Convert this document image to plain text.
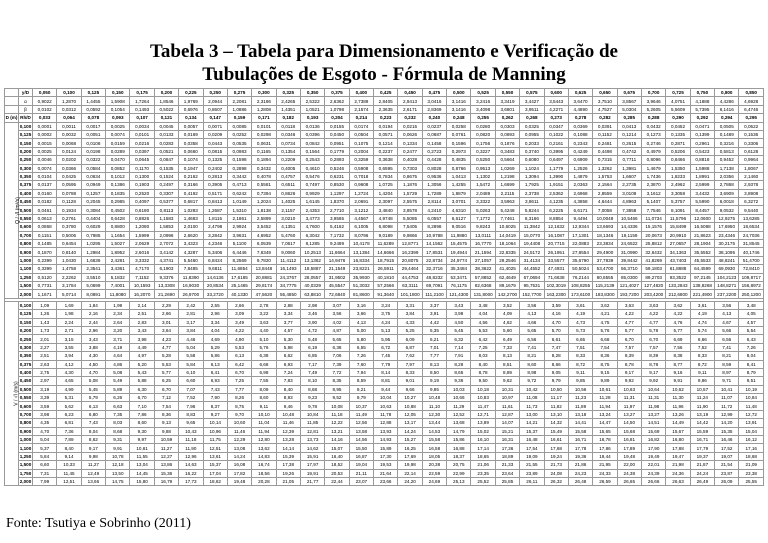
Tabela 3 – Tabela para Dimensionamento e Verificação de
Tubulações de Esgoto - Fórmula de Manning
	y/D	0,050	0,100	0,125	0,150	0,175	0,200	0,225	0,250	0,275	0,300	0,325	0,350	0,375	0,400	0,425	0,450	0,475	0,500	0,525	0,550	0,575	0,600	0,625	0,650	0,675	0,700	0,725	0,750	0,800	0,850
	α	0,9022	1,2870	1,4455	1,5908	1,7264	1,8546	1,9769	2,0944	2,2081	2,3186	2,4265	2,5322	2,6362	2,7389	2,8405	2,9413	3,0416	3,1416	3,2416	3,3419	3,4427	3,5443	3,6470	3,7510	3,8567	3,9646	4,0751	4,1888	4,4286	4,6928
	β	0,0102	0,0312	0,0592	0,1054	0,1493	0,5022	0,6976	0,8607	1,0886	1,2808	1,4351	1,0521	1,0798	2,1574	2,3635	2,6171	2,8369	3,1416	3,4098	3,6801	3,9511	4,2271	4,4890	4,7527	5,0304	5,2605	5,5609	5,7395	6,1416	6,4746
D (m)	Rh/D	0,033	0,064	0,078	0,093	0,107	0,121	0,134	0,147	0,159	0,171	0,182	0,193	0,204	0,214	0,223	0,232	0,240	0,248	0,255	0,262	0,268	0,273	0,278	0,282	0,285	0,288	0,290	0,292	0,294	0,295
Q / √I (m³/s)	0,100	0,0001	0,0011	0,0017	0,0025	0,0034	0,0045	0,0057	0,0071	0,0085	0,0101	0,0118	0,0136	0,0155	0,0174	0,0194	0,0215	0,0237	0,0258	0,0280	0,0303	0,0325	0,0347	0,0369	0,0391	0,0413	0,0432	0,0452	0,0471	0,0505	0,0522
	0,125	0,0002	0,0032	0,0051	0,0074	0,0101	0,0133	0,0169	0,0209	0,0252	0,0298	0,0346	0,0396	0,0450	0,0504	0,0571	0,0626	0,0687	0,0761	0,0820	0,0893	0,0955	0,1022	0,1088	0,1152	0,1214	0,1273	0,1335	0,1399	0,1489	0,1536
	0,150	0,0015	0,0068	0,0108	0,0159	0,0216	0,0283	0,0358	0,0443	0,0535	0,0631	0,0734	0,0842	0,0951	0,1075	0,1214	0,1334	0,1458	0,1596	0,1756	0,1876	0,2033	0,2161	0,2343	0,2481	0,2615	0,2746	0,2871	0,2961	0,3216	0,3306
	0,200	0,0025	0,0124	0,0198	0,0289	0,0397	0,0521	0,0660	0,0815	0,0983	0,1165	0,1354	0,1564	0,1779	0,2004	0,2237	0,2477	0,2723	0,2973	0,3227	0,3483	0,3740	0,3995	0,4249	0,4498	0,4742	0,4979	0,5206	0,5423	0,5813	0,6128
	0,250	0,0046	0,0202	0,0322	0,0470	0,0645	0,0847	0,1074	0,1325	0,1598	0,1894	0,2209	0,2543	0,2893	0,3259	0,3638	0,4028	0,4428	0,4835	0,5250	0,5664	0,6080	0,6497	0,6909	0,7315	0,7711	0,8096	0,8466	0,8818	0,9452	0,9964
	0,300	0,0074	0,0366	0,0584	0,0852	0,1170	0,1535	0,1947	0,2402	0,2898	0,3432	0,4005	0,4610	0,5246	0,5908	0,6595	0,7303	0,8028	0,8766	0,9513	1,0269	1,1024	1,1779	1,2526	1,3262	1,3981	1,4679	1,5350	1,5988	1,7138	1,8067
	0,350	0,0104	0,0425	0,0634	0,1012	0,1300	0,1524	0,2162	0,2813	0,3442	0,4078	0,4757	0,5476	0,6231	0,7018	0,7834	0,8675	0,9536	1,0413	1,1302	1,2198	1,3094	1,3990	1,4879	1,5753	1,6607	1,7436	1,8233	1,8991	2,0356	2,1460
	0,375	0,0137	0,0595	0,0949	0,1386	0,1903	0,2497	0,3166	0,3905	0,4713	0,5581	0,6511	0,7497	0,8530	0,9608	1,0725	1,1876	1,3056	1,4255	1,5472	1,6699	1,7925	1,9151	2,0363	2,1564	2,2735	2,3870	2,4962	2,5999	2,7868	2,9378
	0,400	0,0160	0,0788	0,1257	0,1835	0,2520	0,3307	0,4192	0,5171	0,6242	0,7394	0,8626	0,9929	1,1297	1,2724	1,4204	1,5729	1,7289	1,8879	2,0489	2,2115	2,3738	2,5362	2,6968	2,8559	3,0109	3,1612	3,3058	3,4432	3,6909	3,8908
	0,450	0,0182	0,1128	0,2045	0,2985	0,4097	0,5377	0,6817	0,8413	1,0149	1,2024	1,4025	1,6145	1,8370	2,0691	2,3097	2,5575	2,8114	3,0701	3,3322	3,5963	3,8611	4,1235	4,3858	4,6444	4,8963	5,1407	5,3757	5,5990	6,0018	6,3272
	0,500	0,0461	0,1934	0,3084	0,4502	0,6180	0,8113	1,0283	1,2687	1,5310	1,8138	2,1157	2,4353	2,7710	3,1212	3,4840	3,8578	4,2410	4,6310	5,0263	5,4248	5,8244	6,2225	6,6171	7,0058	7,3858	7,7546	8,1091	8,4457	9,0532	9,5440
	0,550	0,0613	0,2761	0,4404	0,6428	0,8826	1,1583	1,4683	1,8115	2,1861	2,5899	3,0210	3,4773	3,9565	4,4567	4,9748	5,5085	6,0557	6,6127	7,1772	7,7461	8,3166	8,8854	9,4494	10,0048	10,5466	11,0734	11,5796	12,0600	12,9275	13,6285
	0,600	0,0868	0,3780	0,6029	0,8800	1,2080	1,5853	2,0100	2,4798	2,9924	3,5452	4,1351	4,7600	5,4162	6,1005	6,8098	7,5405	8,2898	9,0516	9,8243	10,6025	11,3842	12,1632	12,9344	13,6693	14,4336	15,1576	15,8499	16,5088	17,6950	18,6534
	0,700	0,1151	0,5006	0,7985	1,1654	1,5999	2,0996	2,6620	3,2842	3,9631	4,6952	5,4760	6,3042	7,1732	8,0796	9,0189	9,9866	10,9788	11,9880	13,0111	14,0419	15,0770	16,1087	17,1301	18,1346	19,1159	20,0673	20,9910	21,8623	23,4346	24,7036
	0,800	0,1485	0,6454	1,0295	1,5027	2,0629	2,7072	3,4323	4,2346	5,1100	6,0539	7,0617	8,1285	9,2489	10,4178	11,6289	12,8771	14,1562	15,4575	16,7770	18,1064	19,4408	20,7715	22,0883	23,3834	24,6522	25,8812	27,0657	28,1904	30,2175	31,8545
	0,900	0,1870	0,8140	1,2984	1,8952	2,6016	3,4142	4,3287	5,3406	6,4446	7,6349	9,0060	10,2513	11,6664	13,1384	14,6666	16,2399	17,8531	19,4944	21,1594	22,8335	24,5172	26,1951	27,8554	29,4900	31,0990	32,6432	34,1363	35,5552	38,1095	40,1746
	1,000	0,2399	1,0430	1,6636	2,4281	3,3332	4,3741	5,5460	6,8424	8,2569	9,7820	11,4112	13,1362	14,9476	16,8334	18,7915	20,8075	22,8734	24,9774	27,1057	29,2546	31,4134	33,5577	35,6790	37,7839	39,8442	41,8269	43,7403	45,5533	48,8241	51,4700
	1,100	0,3399	1,4758	2,3541	3,4361	4,7170	6,1903	7,8485	9,6811	11,6854	13,8448	16,1493	18,5887	21,1549	23,8221	26,5911	29,4464	32,3716	35,3484	38,3622	41,4025	44,4552	47,4931	50,5024	53,4700	56,3710	59,1803	61,8888	64,4599	69,0930	72,8410
	1,250	0,5120	2,2262	3,5510	5,1832	7,1152	9,3376	11,8390	14,6136	17,6185	20,8881	24,3767	28,0557	31,9502	35,9930	40,1810	44,4753	48,8232	53,3471	57,8852	62,4649	67,0694	71,6638	76,2144	80,6555	85,0300	89,2703	93,3522	97,2145	104,2123	109,8717
	1,500	0,7731	3,1784	5,0699	7,4001	10,1593	13,3308	16,9030	20,8534	25,1465	29,8174	34,7775	40,0329	45,5547	51,3032	57,2566	63,3111	69,7091	76,1175	82,6368	89,1679	95,7531	102,3019	108,8255	115,2139	121,4027	127,4820	133,2843	138,8268	148,8271	156,8972
	2,000	1,1671	5,0714	8,0891	11,8080	16,2070	21,2690	26,9700	33,2720	40,1330	47,5620	55,4850	63,8810	72,6840	81,8600	91,3640	101,1800	111,2100	121,4300	131,8000	142,2700	152,7700	163,2300	173,6100	183,8300	193,7200	203,4200	212,6800	221,4900	237,2200	250,1200

V / √I (m/s)	0,100	1,09	1,69	1,84	1,99	2,14	2,29	2,42	2,55	2,66	2,78	2,88	2,98	3,07	3,16	3,24	3,31	3,37	3,43	3,48	3,52	3,56	3,59	3,61	3,62	3,63	3,63	3,62	3,61	3,56	3,48
	0,125	1,26	1,98	2,16	2,34	2,51	2,66	2,81	2,96	3,09	3,22	3,34	3,46	3,56	3,66	3,75	3,84	3,91	3,98	4,04	4,09	4,13	4,16	4,19	4,21	4,22	4,22	4,22	4,19	4,13	4,05
	0,150	1,43	2,24	2,44	2,64	2,83	3,01	3,17	3,34	3,49	3,63	3,77	3,90	4,02	4,13	4,24	4,33	4,42	4,50	4,56	4,62	4,66	4,70	4,73	4,75	4,77	4,77	4,76	4,74	4,67	4,57
	0,200	1,73	2,71	2,96	3,20	3,43	3,64	3,84	4,04	4,22	4,40	4,57	4,72	4,87	5,00	5,13	5,25	5,35	5,45	5,53	5,60	5,65	5,70	5,73	5,76	5,77	5,78	5,77	5,74	5,66	5,54
	0,250	2,01	3,15	3,43	3,71	3,98	4,23	4,46	4,69	4,90	5,10	5,30	5,48	5,65	5,80	5,95	6,09	6,21	6,32	6,42	6,49	6,56	6,61	6,65	6,68	6,70	6,70	6,69	6,66	6,56	6,43
	0,300	2,27	3,55	3,88	4,19	4,49	4,77	5,04	5,29	5,53	5,76	5,98	6,19	6,38	6,55	6,72	6,87	7,01	7,14	7,25	7,33	7,41	7,47	7,51	7,54	7,57	7,57	7,56	7,52	7,41	7,26
	0,350	2,51	3,94	4,30	4,64	4,97	5,28	5,58	5,86	6,13	6,38	6,62	6,85	7,06	7,26	7,45	7,62	7,77	7,91	8,03	8,13	8,21	8,28	8,33	8,36	8,39	8,39	8,38	8,33	8,21	8,04
	0,375	2,63	4,12	4,50	4,86	5,20	5,53	5,84	6,13	6,42	6,68	6,93	7,17	7,39	7,60	7,79	7,97	8,13	8,28	8,40	8,51	8,60	8,66	8,72	8,75	8,78	8,78	8,77	8,72	8,59	8,41
	0,400	2,75	4,30	4,70	5,08	5,43	5,77	6,10	6,41	6,70	6,98	7,24	7,49	7,72	7,94	8,14	8,33	8,50	8,65	8,78	8,89	8,98	9,05	9,11	9,15	9,17	9,17	9,16	9,11	8,97	8,79
	0,450	2,97	4,65	5,08	5,49	5,88	6,25	6,60	6,93	7,25	7,55	7,83	8,10	8,35	8,59	8,81	9,01	9,19	9,36	9,50	9,62	9,72	9,79	9,85	9,89	9,92	9,92	9,91	9,86	9,71	9,51
	0,500	3,19	4,99	5,45	5,89	6,30	6,70	7,07	7,43	7,77	8,09	8,40	8,68	8,95	9,21	9,44	9,66	9,85	10,03	10,18	10,31	10,42	10,50	10,56	10,61	10,63	10,64	10,62	10,57	10,41	10,19
	0,550	3,39	5,31	5,79	6,26	6,70	7,12	7,52	7,90	8,26	8,60	8,93	9,23	9,52	9,79	10,04	10,27	10,48	10,66	10,83	10,97	11,08	11,17	11,23	11,28	11,31	11,31	11,30	11,24	11,07	10,84
	0,600	3,59	5,62	6,13	6,63	7,10	7,54	7,96	8,37	8,75	9,11	9,46	9,78	10,08	10,37	10,63	10,88	11,10	11,29	11,47	11,61	11,73	11,82	11,89	11,94	11,97	11,98	11,96	11,90	11,72	11,48
	0,700	3,98	6,23	6,80	7,35	7,86	8,36	8,83	9,27	9,70	10,10	10,48	10,84	11,18	11,49	11,78	12,05	12,30	12,52	12,71	12,87	13,00	13,10	13,18	13,24	13,27	13,27	13,26	13,19	12,99	12,72
	0,800	4,35	6,81	7,43	8,03	8,60	9,13	9,65	10,14	10,60	11,04	11,46	11,85	12,22	12,56	12,88	13,17	13,44	13,68	13,89	14,07	14,21	14,32	14,41	14,47	14,50	14,51	14,49	14,42	14,20	13,91
	0,900	4,70	7,36	8,04	8,68	9,30	9,88	10,43	10,96	11,46	11,94	12,39	12,81	13,21	13,58	13,93	14,24	14,53	14,79	15,02	15,21	15,37	15,49	15,58	15,65	15,68	15,69	15,67	15,59	15,35	15,04
	1,000	5,04	7,89	8,62	9,31	9,97	10,59	11,18	11,75	12,29	12,80	13,28	13,73	14,16	14,56	14,93	15,27	15,58	15,86	16,10	16,31	16,48	16,61	16,71	16,78	16,81	16,82	16,80	16,71	16,46	16,12
	1,100	5,37	8,40	9,17	9,91	10,61	11,27	11,90	12,51	13,08	13,62	14,14	14,62	15,07	15,50	15,89	16,25	16,58	16,88	17,14	17,36	17,54	17,68	17,78	17,86	17,89	17,90	17,88	17,79	17,52	17,16
	1,250	5,84	9,14	9,98	10,78	11,55	12,27	12,96	13,61	14,24	14,83	15,39	15,91	16,40	16,87	17,30	17,69	18,05	18,37	18,65	18,89	19,09	19,24	19,36	19,44	19,48	19,49	19,47	19,37	19,07	18,68
	1,500	6,60	10,33	11,27	12,18	13,04	13,86	14,63	15,37	16,08	16,74	17,38	17,97	18,52	19,04	19,53	19,98	20,38	20,75	21,06	21,33	21,55	21,73	21,86	21,95	22,00	22,01	21,98	21,87	21,54	21,09
	1,750	7,31	11,45	12,49	13,50	14,45	15,36	16,22	17,04	17,82	18,56	19,26	19,91	20,53	21,11	21,64	22,14	22,59	22,99	23,35	23,64	23,89	24,08	24,23	24,33	24,38	24,39	24,36	24,24	23,87	23,38
	2,000	7,99	12,51	13,66	14,75	15,80	16,79	17,73	18,62	19,48	20,28	21,05	21,77	22,44	23,07	23,66	24,20	24,69	25,13	25,52	25,85	26,11	26,32	26,48	26,59	26,65	26,66	26,63	26,49	26,09	25,55
Fonte: Tsutiya e Sobrinho (2011)
